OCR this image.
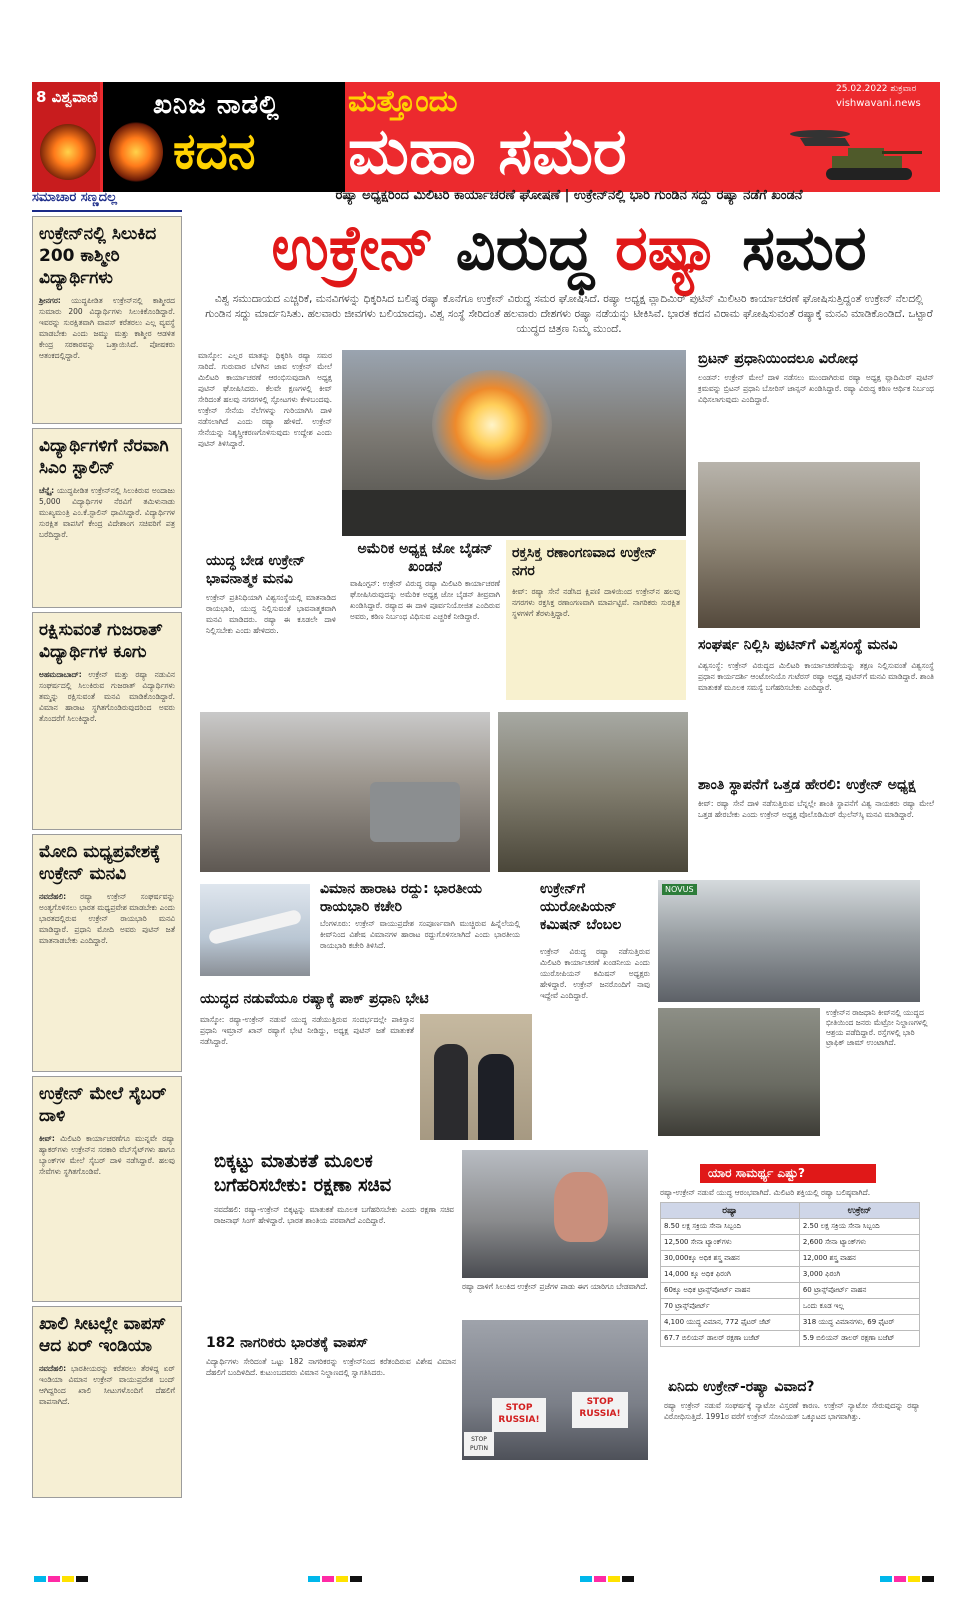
8 ವಿಶ್ವವಾಣಿ ಖನಿಜ ನಾಡಲ್ಲಿ
ಕದನ
ಮತ್ತೊಂದು
ಮಹಾ ಸಮರ
25.02.2022 ಶುಕ್ರವಾರ
vishwavani.news
ಸಮಾಚಾರ ಸಣ್ಣದಲ್ಲ
ಉಕ್ರೇನ್‌ನಲ್ಲಿ ಸಿಲುಕಿದ 200 ಕಾಶ್ಮೀರಿ ವಿದ್ಯಾರ್ಥಿಗಳು

ಶ್ರೀನಗರ: ಯುದ್ಧಪೀಡಿತ ಉಕ್ರೇನ್‌ನಲ್ಲಿ ಕಾಶ್ಮೀರದ ಸುಮಾರು 200 ವಿದ್ಯಾರ್ಥಿಗಳು ಸಿಲುಕಿಕೊಂಡಿದ್ದಾರೆ. ಇವರನ್ನು ಸುರಕ್ಷಿತವಾಗಿ ವಾಪಸ್ ಕರೆತರಲು ಎಲ್ಲ ವ್ಯವಸ್ಥೆ ಮಾಡಬೇಕು ಎಂದು ಜಮ್ಮು ಮತ್ತು ಕಾಶ್ಮೀರ ಆಡಳಿತ ಕೇಂದ್ರ ಸರಕಾರವನ್ನು ಒತ್ತಾಯಿಸಿದೆ. ಪೋಷಕರು ಆತಂಕದಲ್ಲಿದ್ದಾರೆ.

ವಿದ್ಯಾರ್ಥಿಗಳಿಗೆ ನೆರವಾಗಿ ಸಿಎಂ ಸ್ಟಾಲಿನ್

ಚೆನ್ನೈ: ಯುದ್ಧಪೀಡಿತ ಉಕ್ರೇನ್‌ನಲ್ಲಿ ಸಿಲುಕಿರುವ ಅಂದಾಜು 5,000 ವಿದ್ಯಾರ್ಥಿಗಳ ನೆರವಿಗೆ ತಮಿಳುನಾಡು ಮುಖ್ಯಮಂತ್ರಿ ಎಂ.ಕೆ.ಸ್ಟಾಲಿನ್ ಧಾವಿಸಿದ್ದಾರೆ. ವಿದ್ಯಾರ್ಥಿಗಳ ಸುರಕ್ಷಿತ ವಾಪಸಿಗೆ ಕೇಂದ್ರ ವಿದೇಶಾಂಗ ಸಚಿವರಿಗೆ ಪತ್ರ ಬರೆದಿದ್ದಾರೆ.

ರಕ್ಷಿಸುವಂತೆ ಗುಜರಾತ್ ವಿದ್ಯಾರ್ಥಿಗಳ ಕೂಗು

ಅಹಮದಾಬಾದ್: ಉಕ್ರೇನ್ ಮತ್ತು ರಷ್ಯಾ ನಡುವಿನ ಸಂಘರ್ಷದಲ್ಲಿ ಸಿಲುಕಿರುವ ಗುಜರಾತ್ ವಿದ್ಯಾರ್ಥಿಗಳು ತಮ್ಮನ್ನು ರಕ್ಷಿಸುವಂತೆ ಮನವಿ ಮಾಡಿಕೊಂಡಿದ್ದಾರೆ. ವಿಮಾನ ಹಾರಾಟ ಸ್ಥಗಿತಗೊಂಡಿರುವುದರಿಂದ ಅವರು ತೊಂದರೆಗೆ ಸಿಲುಕಿದ್ದಾರೆ.

ಮೋದಿ ಮಧ್ಯಪ್ರವೇಶಕ್ಕೆ ಉಕ್ರೇನ್ ಮನವಿ

ನವದೆಹಲಿ: ರಷ್ಯಾ ಉಕ್ರೇನ್ ಸಂಘರ್ಷವನ್ನು ಅಂತ್ಯಗೊಳಿಸಲು ಭಾರತ ಮಧ್ಯಪ್ರವೇಶ ಮಾಡಬೇಕು ಎಂದು ಭಾರತದಲ್ಲಿರುವ ಉಕ್ರೇನ್ ರಾಯಭಾರಿ ಮನವಿ ಮಾಡಿದ್ದಾರೆ. ಪ್ರಧಾನಿ ಮೋದಿ ಅವರು ಪುಟಿನ್ ಜತೆ ಮಾತನಾಡಬೇಕು ಎಂದಿದ್ದಾರೆ.

ಉಕ್ರೇನ್ ಮೇಲೆ ಸೈಬರ್ ದಾಳಿ

ಕೀವ್: ಮಿಲಿಟರಿ ಕಾರ್ಯಾಚರಣೆಗೂ ಮುನ್ನವೇ ರಷ್ಯಾ ಹ್ಯಾಕರ್‌ಗಳು ಉಕ್ರೇನ್‌ನ ಸರಕಾರಿ ವೆಬ್‌ಸೈಟ್‌ಗಳು ಹಾಗೂ ಬ್ಯಾಂಕ್‌ಗಳ ಮೇಲೆ ಸೈಬರ್ ದಾಳಿ ನಡೆಸಿದ್ದಾರೆ. ಹಲವು ಸೇವೆಗಳು ಸ್ಥಗಿತಗೊಂಡಿವೆ.

ಖಾಲಿ ಸೀಟಲ್ಲೇ ವಾಪಸ್ ಆದ ಏರ್ ಇಂಡಿಯಾ

ನವದೆಹಲಿ: ಭಾರತೀಯರನ್ನು ಕರೆತರಲು ತೆರಳಿದ್ದ ಏರ್ ಇಂಡಿಯಾ ವಿಮಾನ ಉಕ್ರೇನ್ ವಾಯುಪ್ರದೇಶ ಬಂದ್ ಆಗಿದ್ದರಿಂದ ಖಾಲಿ ಸೀಟುಗಳೊಂದಿಗೆ ದೆಹಲಿಗೆ ವಾಪಸಾಗಿದೆ.

ರಷ್ಯಾ ಅಧ್ಯಕ್ಷರಿಂದ ಮಿಲಿಟರಿ ಕಾರ್ಯಾಚರಣೆ ಘೋಷಣೆ | ಉಕ್ರೇನ್‌ನಲ್ಲಿ ಭಾರಿ ಗುಂಡಿನ ಸದ್ದು ರಷ್ಯಾ ನಡೆಗೆ ಖಂಡನೆ
ಉಕ್ರೇನ್ ವಿರುದ್ಧ ರಷ್ಯಾ ಸಮರ
ವಿಶ್ವ ಸಮುದಾಯದ ಎಚ್ಚರಿಕೆ, ಮನವಿಗಳನ್ನು ಧಿಕ್ಕರಿಸಿದ ಬಲಿಷ್ಠ ರಷ್ಯಾ ಕೊನೆಗೂ ಉಕ್ರೇನ್ ವಿರುದ್ಧ ಸಮರ ಘೋಷಿಸಿದೆ. ರಷ್ಯಾ ಅಧ್ಯಕ್ಷ ವ್ಲಾದಿಮಿರ್ ಪುಟಿನ್ ಮಿಲಿಟರಿ ಕಾರ್ಯಾಚರಣೆ ಘೋಷಿಸುತ್ತಿದ್ದಂತೆ ಉಕ್ರೇನ್ ನೆಲದಲ್ಲಿ ಗುಂಡಿನ ಸದ್ದು ಮಾರ್ದನಿಸಿತು. ಹಲವಾರು ಜೀವಗಳು ಬಲಿಯಾದವು. ವಿಶ್ವ ಸಂಸ್ಥೆ ಸೇರಿದಂತೆ ಹಲವಾರು ದೇಶಗಳು ರಷ್ಯಾ ನಡೆಯನ್ನು ಟೀಕಿಸಿವೆ. ಭಾರತ ಕದನ ವಿರಾಮ ಘೋಷಿಸುವಂತೆ ರಷ್ಯಾಕ್ಕೆ ಮನವಿ ಮಾಡಿಕೊಂಡಿದೆ. ಒಟ್ಟಾರೆ ಯುದ್ಧದ ಚಿತ್ರಣ ನಿಮ್ಮ ಮುಂದೆ.
ಮಾಸ್ಕೋ: ಎಲ್ಲರ ಮಾತನ್ನು ಧಿಕ್ಕರಿಸಿ ರಷ್ಯಾ ಸಮರ ಸಾರಿದೆ. ಗುರುವಾರ ಬೆಳಗಿನ ಜಾವ ಉಕ್ರೇನ್ ಮೇಲೆ ಮಿಲಿಟರಿ ಕಾರ್ಯಾಚರಣೆ ಆರಂಭಿಸುವುದಾಗಿ ಅಧ್ಯಕ್ಷ ಪುಟಿನ್ ಘೋಷಿಸಿದರು. ಕೆಲವೇ ಕ್ಷಣಗಳಲ್ಲಿ ಕೀವ್ ಸೇರಿದಂತೆ ಹಲವು ನಗರಗಳಲ್ಲಿ ಸ್ಫೋಟಗಳು ಕೇಳಿಬಂದವು. ಉಕ್ರೇನ್ ಸೇನೆಯ ನೆಲೆಗಳನ್ನು ಗುರಿಯಾಗಿಸಿ ದಾಳಿ ನಡೆಸಲಾಗಿದೆ ಎಂದು ರಷ್ಯಾ ಹೇಳಿದೆ. ಉಕ್ರೇನ್ ಸೇನೆಯನ್ನು ನಿಶ್ಶಸ್ತ್ರೀಕರಣಗೊಳಿಸುವುದು ಉದ್ದೇಶ ಎಂದು ಪುಟಿನ್ ತಿಳಿಸಿದ್ದಾರೆ.
ಬ್ರಿಟನ್ ಪ್ರಧಾನಿಯಿಂದಲೂ ವಿರೋಧ
ಲಂಡನ್: ಉಕ್ರೇನ್ ಮೇಲೆ ದಾಳಿ ನಡೆಸಲು ಮುಂದಾಗಿರುವ ರಷ್ಯಾ ಅಧ್ಯಕ್ಷ ವ್ಲಾದಿಮಿರ್ ಪುಟಿನ್ ಕ್ರಮವನ್ನು ಬ್ರಿಟನ್ ಪ್ರಧಾನಿ ಬೋರಿಸ್ ಜಾನ್ಸನ್ ಖಂಡಿಸಿದ್ದಾರೆ. ರಷ್ಯಾ ವಿರುದ್ಧ ಕಠಿಣ ಆರ್ಥಿಕ ನಿರ್ಬಂಧ ವಿಧಿಸಲಾಗುವುದು ಎಂದಿದ್ದಾರೆ.
ಯುದ್ಧ ಬೇಡ ಉಕ್ರೇನ್ ಭಾವನಾತ್ಮಕ ಮನವಿ
ಉಕ್ರೇನ್ ಪ್ರತಿನಿಧಿಯಾಗಿ ವಿಶ್ವಸಂಸ್ಥೆಯಲ್ಲಿ ಮಾತನಾಡಿದ ರಾಯಭಾರಿ, ಯುದ್ಧ ನಿಲ್ಲಿಸುವಂತೆ ಭಾವನಾತ್ಮಕವಾಗಿ ಮನವಿ ಮಾಡಿದರು. ರಷ್ಯಾ ಈ ಕೂಡಲೇ ದಾಳಿ ನಿಲ್ಲಿಸಬೇಕು ಎಂದು ಹೇಳಿದರು.
ಅಮೆರಿಕ ಅಧ್ಯಕ್ಷ ಜೋ ಬೈಡನ್ ಖಂಡನೆ
ವಾಷಿಂಗ್ಟನ್: ಉಕ್ರೇನ್ ವಿರುದ್ಧ ರಷ್ಯಾ ಮಿಲಿಟರಿ ಕಾರ್ಯಾಚರಣೆ ಘೋಷಿಸಿರುವುದನ್ನು ಅಮೆರಿಕ ಅಧ್ಯಕ್ಷ ಜೋ ಬೈಡನ್ ತೀವ್ರವಾಗಿ ಖಂಡಿಸಿದ್ದಾರೆ. ರಷ್ಯಾದ ಈ ದಾಳಿ ಪೂರ್ವನಿಯೋಜಿತ ಎಂದಿರುವ ಅವರು, ಕಠಿಣ ನಿರ್ಬಂಧ ವಿಧಿಸುವ ಎಚ್ಚರಿಕೆ ನೀಡಿದ್ದಾರೆ.
ರಕ್ತಸಿಕ್ತ ರಣಾಂಗಣವಾದ ಉಕ್ರೇನ್ ನಗರ
ಕೀವ್: ರಷ್ಯಾ ಸೇನೆ ನಡೆಸಿದ ಕ್ಷಿಪಣಿ ದಾಳಿಯಿಂದ ಉಕ್ರೇನ್‌ನ ಹಲವು ನಗರಗಳು ರಕ್ತಸಿಕ್ತ ರಣಾಂಗಣವಾಗಿ ಮಾರ್ಪಟ್ಟಿವೆ. ನಾಗರಿಕರು ಸುರಕ್ಷಿತ ಸ್ಥಳಗಳಿಗೆ ತೆರಳುತ್ತಿದ್ದಾರೆ.
ಸಂಘರ್ಷ ನಿಲ್ಲಿಸಿ ಪುಟಿನ್‌ಗೆ ವಿಶ್ವಸಂಸ್ಥೆ ಮನವಿ
ವಿಶ್ವಸಂಸ್ಥೆ: ಉಕ್ರೇನ್ ವಿರುದ್ಧದ ಮಿಲಿಟರಿ ಕಾರ್ಯಾಚರಣೆಯನ್ನು ತಕ್ಷಣ ನಿಲ್ಲಿಸುವಂತೆ ವಿಶ್ವಸಂಸ್ಥೆ ಪ್ರಧಾನ ಕಾರ್ಯದರ್ಶಿ ಆಂಟೋನಿಯೊ ಗುಟೆರಸ್ ರಷ್ಯಾ ಅಧ್ಯಕ್ಷ ಪುಟಿನ್‌ಗೆ ಮನವಿ ಮಾಡಿದ್ದಾರೆ. ಶಾಂತಿ ಮಾತುಕತೆ ಮೂಲಕ ಸಮಸ್ಯೆ ಬಗೆಹರಿಸಬೇಕು ಎಂದಿದ್ದಾರೆ.
ಶಾಂತಿ ಸ್ಥಾಪನೆಗೆ ಒತ್ತಡ ಹೇರಲಿ: ಉಕ್ರೇನ್ ಅಧ್ಯಕ್ಷ
ಕೀವ್: ರಷ್ಯಾ ಸೇನೆ ದಾಳಿ ನಡೆಸುತ್ತಿರುವ ಬೆನ್ನಲ್ಲೇ ಶಾಂತಿ ಸ್ಥಾಪನೆಗೆ ವಿಶ್ವ ನಾಯಕರು ರಷ್ಯಾ ಮೇಲೆ ಒತ್ತಡ ಹೇರಬೇಕು ಎಂದು ಉಕ್ರೇನ್ ಅಧ್ಯಕ್ಷ ವೊಲೊಡಿಮಿರ್ ಝೆಲೆನ್‌ಸ್ಕಿ ಮನವಿ ಮಾಡಿದ್ದಾರೆ.
ವಿಮಾನ ಹಾರಾಟ ರದ್ದು: ಭಾರತೀಯ ರಾಯಭಾರಿ ಕಚೇರಿ
ಬೆಂಗಳೂರು: ಉಕ್ರೇನ್ ವಾಯುಪ್ರದೇಶ ಸಂಪೂರ್ಣವಾಗಿ ಮುಚ್ಚಿರುವ ಹಿನ್ನೆಲೆಯಲ್ಲಿ ಕೀವ್‌ನಿಂದ ವಿಶೇಷ ವಿಮಾನಗಳ ಹಾರಾಟ ರದ್ದುಗೊಳಿಸಲಾಗಿದೆ ಎಂದು ಭಾರತೀಯ ರಾಯಭಾರಿ ಕಚೇರಿ ತಿಳಿಸಿದೆ.
ಯುದ್ಧದ ನಡುವೆಯೂ ರಷ್ಯಾಕ್ಕೆ ಪಾಕ್ ಪ್ರಧಾನಿ ಭೇಟಿ
ಮಾಸ್ಕೋ: ರಷ್ಯಾ-ಉಕ್ರೇನ್ ನಡುವೆ ಯುದ್ಧ ನಡೆಯುತ್ತಿರುವ ಸಂದರ್ಭದಲ್ಲೇ ಪಾಕಿಸ್ತಾನ ಪ್ರಧಾನಿ ಇಮ್ರಾನ್ ಖಾನ್ ರಷ್ಯಾಗೆ ಭೇಟಿ ನೀಡಿದ್ದು, ಅಧ್ಯಕ್ಷ ಪುಟಿನ್ ಜತೆ ಮಾತುಕತೆ ನಡೆಸಿದ್ದಾರೆ.
ಉಕ್ರೇನ್‌ಗೆ ಯುರೋಪಿಯನ್ ಕಮಿಷನ್ ಬೆಂಬಲ
ಉಕ್ರೇನ್ ವಿರುದ್ಧ ರಷ್ಯಾ ನಡೆಸುತ್ತಿರುವ ಮಿಲಿಟರಿ ಕಾರ್ಯಾಚರಣೆ ಖಂಡನೀಯ ಎಂದು ಯುರೋಪಿಯನ್ ಕಮಿಷನ್ ಅಧ್ಯಕ್ಷರು ಹೇಳಿದ್ದಾರೆ. ಉಕ್ರೇನ್ ಜನರೊಂದಿಗೆ ನಾವು ಇದ್ದೇವೆ ಎಂದಿದ್ದಾರೆ.
NOVUS
ಉಕ್ರೇನ್‌ನ ರಾಜಧಾನಿ ಕೀವ್‌ನಲ್ಲಿ ಯುದ್ಧದ ಭೀತಿಯಿಂದ ಜನರು ಮೆಟ್ರೋ ನಿಲ್ದಾಣಗಳಲ್ಲಿ ಆಶ್ರಯ ಪಡೆದಿದ್ದಾರೆ. ರಸ್ತೆಗಳಲ್ಲಿ ಭಾರಿ ಟ್ರಾಫಿಕ್ ಜಾಮ್ ಉಂಟಾಗಿದೆ.
ಬಿಕ್ಕಟ್ಟು ಮಾತುಕತೆ ಮೂಲಕ ಬಗೆಹರಿಸಬೇಕು: ರಕ್ಷಣಾ ಸಚಿವ
ನವದೆಹಲಿ: ರಷ್ಯಾ-ಉಕ್ರೇನ್ ಬಿಕ್ಕಟ್ಟನ್ನು ಮಾತುಕತೆ ಮೂಲಕ ಬಗೆಹರಿಸಬೇಕು ಎಂದು ರಕ್ಷಣಾ ಸಚಿವ ರಾಜನಾಥ್ ಸಿಂಗ್ ಹೇಳಿದ್ದಾರೆ. ಭಾರತ ಶಾಂತಿಯ ಪರವಾಗಿದೆ ಎಂದಿದ್ದಾರೆ.
182 ನಾಗರಿಕರು ಭಾರತಕ್ಕೆ ವಾಪಸ್
ವಿದ್ಯಾರ್ಥಿಗಳು ಸೇರಿದಂತೆ ಒಟ್ಟು 182 ನಾಗರಿಕರನ್ನು ಉಕ್ರೇನ್‌ನಿಂದ ಕರೆತಂದಿರುವ ವಿಶೇಷ ವಿಮಾನ ದೆಹಲಿಗೆ ಬಂದಿಳಿದಿದೆ. ಕುಟುಂಬದವರು ವಿಮಾನ ನಿಲ್ದಾಣದಲ್ಲಿ ಸ್ವಾಗತಿಸಿದರು.
ರಷ್ಯಾ ದಾಳಿಗೆ ಸಿಲುಕಿದ ಉಕ್ರೇನ್ ಪ್ರಜೆಗಳ ಪಾಡು ಈಗ ಯಾರಿಗೂ ಬೇಡವಾಗಿದೆ.
STOP RUSSIA!
STOP RUSSIA!
STOP PUTIN
ಯಾರ ಸಾಮರ್ಥ್ಯ ಎಷ್ಟು?
ರಷ್ಯಾ-ಉಕ್ರೇನ್ ನಡುವೆ ಯುದ್ಧ ಆರಂಭವಾಗಿದೆ. ಮಿಲಿಟರಿ ಶಕ್ತಿಯಲ್ಲಿ ರಷ್ಯಾ ಬಲಿಷ್ಠವಾಗಿದೆ.
ರಷ್ಯಾ	ಉಕ್ರೇನ್
8.50 ಲಕ್ಷ ಸಕ್ರಿಯ ಸೇನಾ ಸಿಬ್ಬಂದಿ	2.50 ಲಕ್ಷ ಸಕ್ರಿಯ ಸೇನಾ ಸಿಬ್ಬಂದಿ
12,500 ಸೇನಾ ಟ್ಯಾಂಕ್‌ಗಳು	2,600 ಸೇನಾ ಟ್ಯಾಂಕ್‌ಗಳು
30,000ಕ್ಕೂ ಅಧಿಕ ಶಸ್ತ್ರ ವಾಹನ	12,000 ಶಸ್ತ್ರ ವಾಹನ
14,000 ಕ್ಕೂ ಅಧಿಕ ಫಿರಂಗಿ	3,000 ಫಿರಂಗಿ
60ಕ್ಕೂ ಅಧಿಕ ಟ್ರಾನ್ಸ್‌ಪೋರ್ಟ್ ವಾಹನ	60 ಟ್ರಾನ್ಸ್‌ಪೋರ್ಟ್ ವಾಹನ
70 ಟ್ರಾನ್ಸ್‌ಪೋರ್ಟ್	ಒಂದು ಕೂಡ ಇಲ್ಲ
4,100 ಯುದ್ಧ ವಿಮಾನ, 772 ಫೈಟರ್ ಜೆಟ್	318 ಯುದ್ಧ ವಿಮಾನಗಳು, 69 ಫೈಟರ್
67.7 ಬಿಲಿಯನ್ ಡಾಲರ್ ರಕ್ಷಣಾ ಬಜೆಟ್	5.9 ಬಿಲಿಯನ್ ಡಾಲರ್ ರಕ್ಷಣಾ ಬಜೆಟ್
ಏನಿದು ಉಕ್ರೇನ್-ರಷ್ಯಾ ವಿವಾದ?
ರಷ್ಯಾ ಉಕ್ರೇನ್ ನಡುವೆ ಸಂಘರ್ಷಕ್ಕೆ ನ್ಯಾಟೋ ವಿಸ್ತರಣೆ ಕಾರಣ. ಉಕ್ರೇನ್ ನ್ಯಾಟೋ ಸೇರುವುದನ್ನು ರಷ್ಯಾ ವಿರೋಧಿಸುತ್ತಿದೆ. 1991ರ ವರೆಗೆ ಉಕ್ರೇನ್ ಸೋವಿಯತ್ ಒಕ್ಕೂಟದ ಭಾಗವಾಗಿತ್ತು.
